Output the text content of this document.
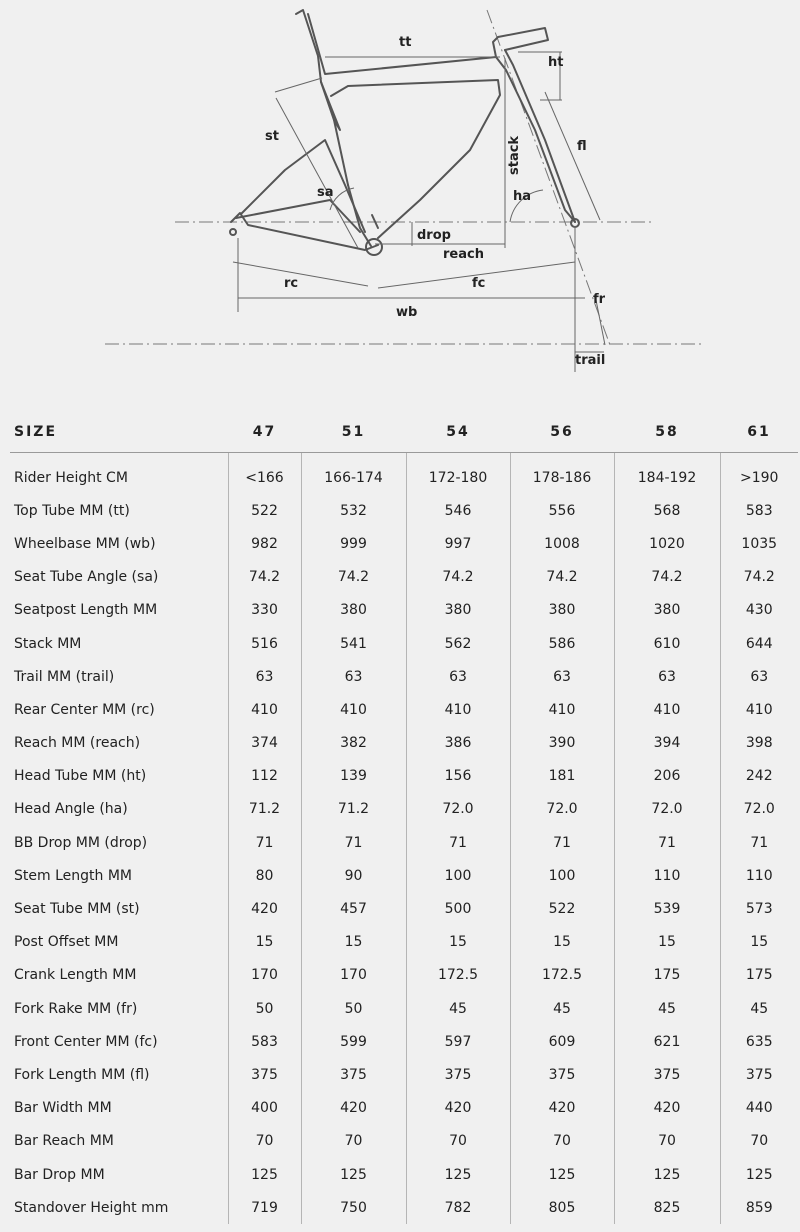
tt
ht
st
fl
stack
sa	ha
drop
reach
rc	fc
wb
fr
trail
SIZE	47	51	54	56	58	61

Rider Height CM	<166	166-174	172-180	178-186	184-192	>190
Top Tube MM (tt)	522	532	546	556	568	583
Wheelbase MM (wb)	982	999	997	1008	1020	1035
Seat Tube Angle (sa)	74.2	74.2	74.2	74.2	74.2	74.2
Seatpost Length MM	330	380	380	380	380	430
Stack MM	516	541	562	586	610	644
Trail MM (trail)	63	63	63	63	63	63
Rear Center MM (rc)	410	410	410	410	410	410
Reach MM (reach)	374	382	386	390	394	398
Head Tube MM (ht)	112	139	156	181	206	242
Head Angle (ha)	71.2	71.2	72.0	72.0	72.0	72.0
BB Drop MM (drop)	71	71	71	71	71	71
Stem Length MM	80	90	100	100	110	110
Seat Tube MM (st)	420	457	500	522	539	573
Post Offset MM	15	15	15	15	15	15
Crank Length MM	170	170	172.5	172.5	175	175
Fork Rake MM (fr)	50	50	45	45	45	45
Front Center MM (fc)	583	599	597	609	621	635
Fork Length MM (fl)	375	375	375	375	375	375
Bar Width MM	400	420	420	420	420	440
Bar Reach MM	70	70	70	70	70	70
Bar Drop MM	125	125	125	125	125	125
Standover Height mm	719	750	782	805	825	859
